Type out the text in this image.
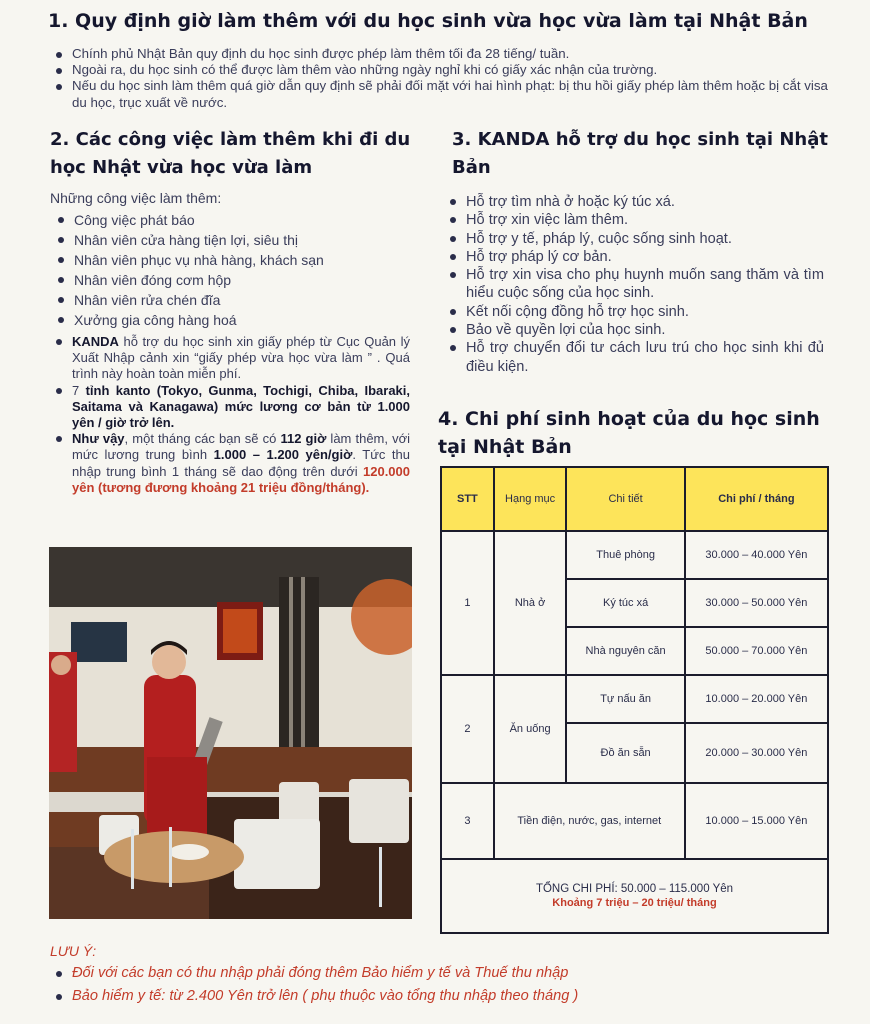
1. Quy định giờ làm thêm với du học sinh vừa học vừa làm tại Nhật Bản
Chính phủ Nhật Bản quy định du học sinh được phép làm thêm tối đa 28 tiếng/ tuần.
Ngoài ra, du học sinh có thể được làm thêm vào những ngày nghỉ khi có giấy xác nhận của trường.
Nếu du học sinh làm thêm quá giờ dẫn quy định sẽ phải đối mặt với hai hình phạt: bị thu hồi giấy phép làm thêm hoặc bị cắt visa du học, trục xuất về nước.
2. Các công việc làm thêm khi đi du học Nhật vừa học vừa làm
Những công việc làm thêm:
Công việc phát báo
Nhân viên cửa hàng tiện lợi, siêu thị
Nhân viên phục vụ nhà hàng, khách sạn
Nhân viên đóng cơm hộp
Nhân viên rửa chén đĩa
Xưởng gia công hàng hoá
KANDA hỗ trợ du học sinh xin giấy phép từ Cục Quản lý Xuất Nhập cảnh xin “giấy phép vừa học vừa làm ” . Quá trình này hoàn toàn miễn phí.
7 tỉnh kanto (Tokyo, Gunma, Tochigi, Chiba, Ibaraki, Saitama và Kanagawa) mức lương cơ bản từ 1.000 yên / giờ trở lên.
Như vậy, một tháng các bạn sẽ có 112 giờ làm thêm, với mức lương trung bình 1.000 – 1.200 yên/giờ. Tức thu nhập trung bình 1 tháng sẽ dao động trên dưới 120.000 yên (tương đương khoảng 21 triệu đồng/tháng).
3. KANDA hỗ trợ du học sinh tại Nhật Bản
Hỗ trợ tìm nhà ở hoặc ký túc xá.
Hỗ trợ xin việc làm thêm.
Hỗ trợ y tế, pháp lý, cuộc sống sinh hoạt.
Hỗ trợ pháp lý cơ bản.
Hỗ trợ xin visa cho phụ huynh muốn sang thăm và tìm hiểu cuộc sống của học sinh.
Kết nối cộng đồng hỗ trợ học sinh.
Bảo về quyền lợi của học sinh.
Hỗ trợ chuyển đổi tư cách lưu trú cho học sinh khi đủ điều kiện.
4. Chi phí sinh hoạt của du học sinh tại Nhật Bản
STT	Hạng mục	Chi tiết	Chi phí / tháng
1	Nhà ở	Thuê phòng	30.000 – 40.000 Yên
		Ký túc xá	30.000 – 50.000 Yên
		Nhà nguyên căn	50.000 – 70.000 Yên
2	Ăn uống	Tự nấu ăn	10.000 – 20.000 Yên
		Đồ ăn sẵn	20.000 – 30.000 Yên
3	Tiền điện, nước, gas, internet		10.000 – 15.000 Yên

TỔNG CHI PHÍ: 50.000 – 115.000 Yên
Khoảng 7 triệu – 20 triệu/ tháng			
LƯU Ý:
Đối với các bạn có thu nhập phải đóng thêm Bảo hiểm y tế và Thuế thu nhập
Bảo hiểm y tế: từ 2.400 Yên trở lên ( phụ thuộc vào tổng thu nhập theo tháng )
